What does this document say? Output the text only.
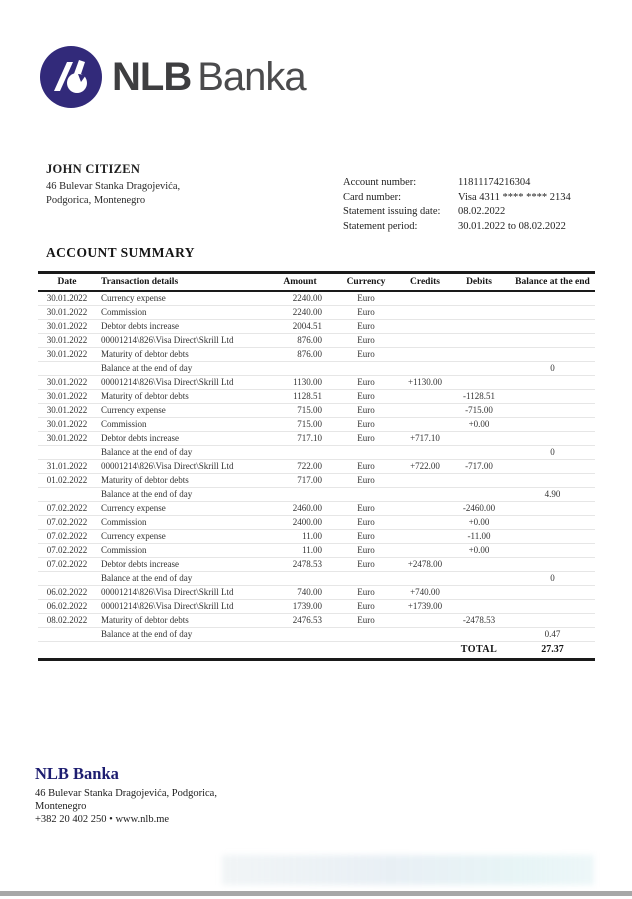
NLB Banka
JOHN CITIZEN
46 Bulevar Stanka Dragojevića,
Podgorica, Montenegro
Account number:	11811174216304
Card number:	Visa 4311 **** **** 2134
Statement issuing date: 08.02.2022
Statement period:	30.01.2022 to 08.02.2022
ACCOUNT SUMMARY
Date	Transaction details	Amount	Currency	Credits	Debits	Balance at the end
30.01.2022	Currency expense	2240.00	Euro			
30.01.2022	Commission	2240.00	Euro			
30.01.2022	Debtor debts increase	2004.51	Euro			
30.01.2022	00001214\826\Visa Direct\Skrill Ltd	876.00	Euro			
30.01.2022	Maturity of debtor debts	876.00	Euro			
	Balance at the end of day					0
30.01.2022	00001214\826\Visa Direct\Skrill Ltd	1130.00	Euro	+1130.00		
30.01.2022	Maturity of debtor debts	1128.51	Euro		-1128.51	
30.01.2022	Currency expense	715.00	Euro		-715.00	
30.01.2022	Commission	715.00	Euro		+0.00	
30.01.2022	Debtor debts increase	717.10	Euro	+717.10		
	Balance at the end of day					0
31.01.2022	00001214\826\Visa Direct\Skrill Ltd	722.00	Euro	+722.00	-717.00	
01.02.2022	Maturity of debtor debts	717.00	Euro			
	Balance at the end of day					4.90
07.02.2022	Currency expense	2460.00	Euro		-2460.00	
07.02.2022	Commission	2400.00	Euro		+0.00	
07.02.2022	Currency expense	11.00	Euro		-11.00	
07.02.2022	Commission	11.00	Euro		+0.00	
07.02.2022	Debtor debts increase	2478.53	Euro	+2478.00		
	Balance at the end of day					0
06.02.2022	00001214\826\Visa Direct\Skrill Ltd	740.00	Euro	+740.00		
06.02.2022	00001214\826\Visa Direct\Skrill Ltd	1739.00	Euro	+1739.00		
08.02.2022	Maturity of debtor debts	2476.53	Euro		-2478.53	
	Balance at the end of day					0.47
					TOTAL	27.37
NLB Banka
46 Bulevar Stanka Dragojevića, Podgorica,
Montenegro
+382 20 402 250 • www.nlb.me
